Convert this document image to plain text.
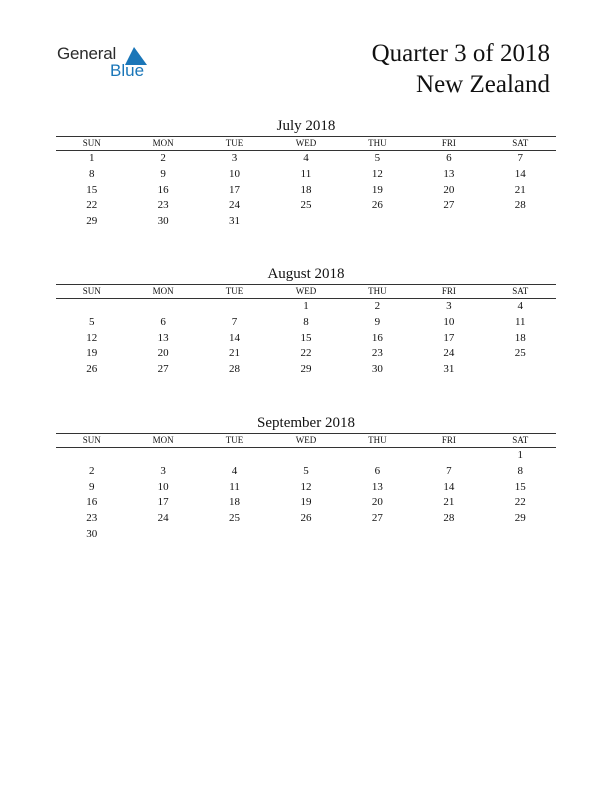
General
Blue
Quarter 3 of 2018
New Zealand
July 2018
SUN	MON	TUE	WED	THU	FRI	SAT
1	2	3	4	5	6	7
8	9	10	11	12	13	14
15	16	17	18	19	20	21
22	23	24	25	26	27	28
29	30	31				
August 2018
SUN	MON	TUE	WED	THU	FRI	SAT
			1	2	3	4
5	6	7	8	9	10	11
12	13	14	15	16	17	18
19	20	21	22	23	24	25
26	27	28	29	30	31	
September 2018
SUN	MON	TUE	WED	THU	FRI	SAT
						1
2	3	4	5	6	7	8
9	10	11	12	13	14	15
16	17	18	19	20	21	22
23	24	25	26	27	28	29
30						
